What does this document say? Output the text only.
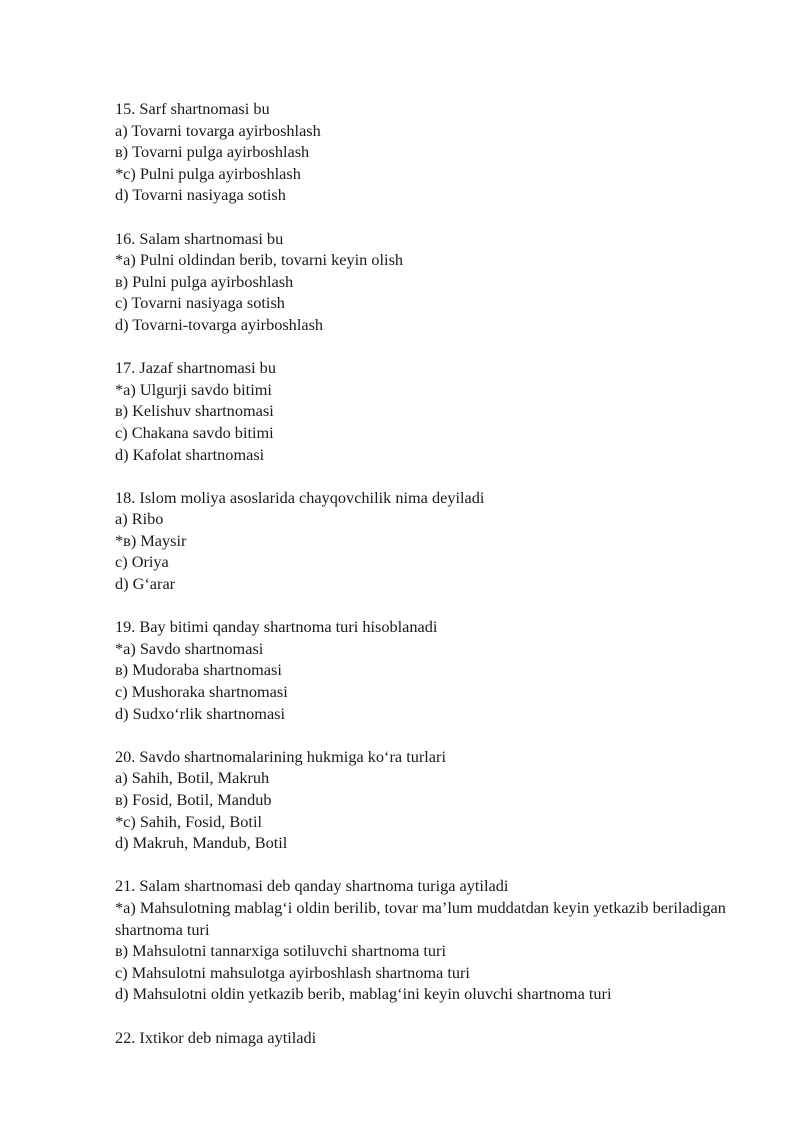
15. Sarf shartnomasi bu
a) Tovarni tovarga ayirboshlash
в) Tovarni pulga ayirboshlash
*c) Pulni pulga ayirboshlash
d) Tovarni nasiyaga sotish
16. Salam shartnomasi bu
*a) Pulni oldindan berib, tovarni keyin olish
в) Pulni pulga ayirboshlash
c) Tovarni nasiyaga sotish
d) Tovarni-tovarga ayirboshlash
17. Jazaf shartnomasi bu
*a) Ulgurji savdo bitimi
в) Kelishuv shartnomasi
c) Chakana savdo bitimi
d) Kafolat shartnomasi
18. Islom moliya asoslarida chayqovchilik nima deyiladi
a) Ribo
*в) Maysir
c) Oriya
d) G‘arar
19. Bay bitimi qanday shartnoma turi hisoblanadi
*a) Savdo shartnomasi
в) Mudoraba shartnomasi
c) Mushoraka shartnomasi
d) Sudxo‘rlik shartnomasi
20. Savdo shartnomalarining hukmiga ko‘ra turlari
a) Sahih, Botil, Makruh
в) Fosid, Botil, Mandub
*c) Sahih, Fosid, Botil
d) Makruh, Mandub, Botil
21. Salam shartnomasi deb qanday shartnoma turiga aytiladi
*a) Mahsulotning mablag‘i oldin berilib, tovar ma’lum muddatdan keyin yetkazib beriladigan shartnoma turi
в) Mahsulotni tannarxiga sotiluvchi shartnoma turi
c) Mahsulotni mahsulotga ayirboshlash shartnoma turi
d) Mahsulotni oldin yetkazib berib, mablag‘ini keyin oluvchi shartnoma turi
22. Ixtikor deb nimaga aytiladi
